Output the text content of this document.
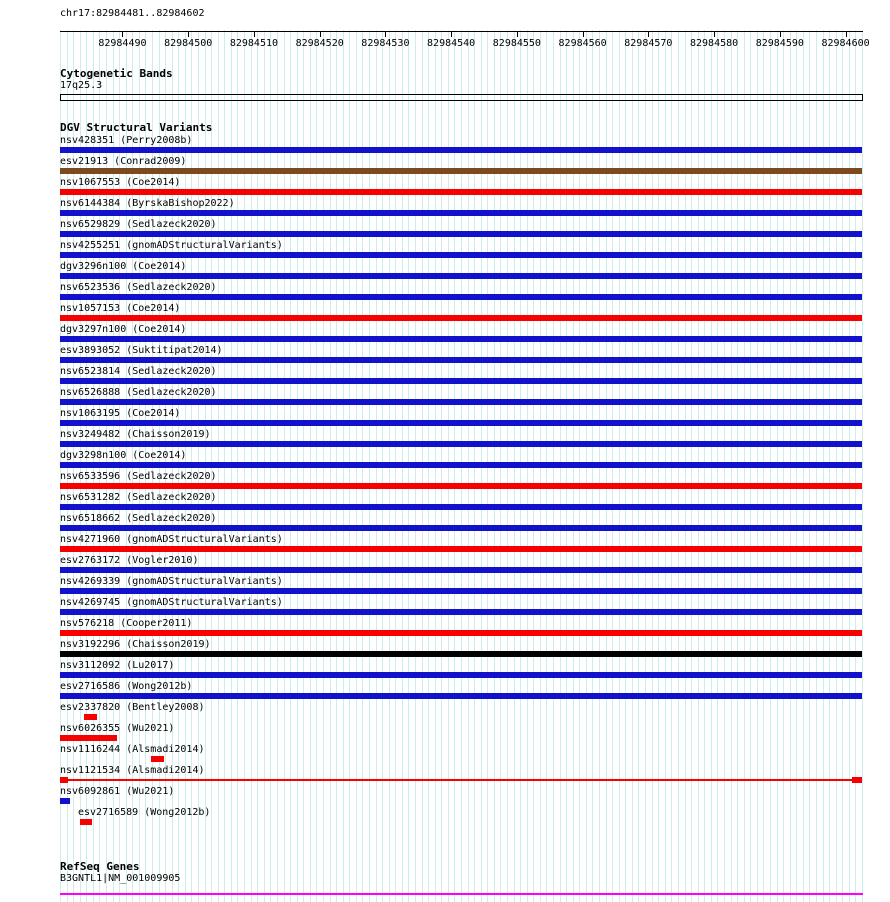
chr17:82984481..82984602
82984490 82984500 82984510 82984520 82984530 82984540 82984550 82984560 82984570 82984580 82984590 82984600
Cytogenetic Bands
17q25.3
DGV Structural Variants
nsv428351 (Perry2008b)
esv21913 (Conrad2009)
nsv1067553 (Coe2014)
nsv6144384 (ByrskaBishop2022)
nsv6529829 (Sedlazeck2020)
nsv4255251 (gnomADStructuralVariants)
dgv3296n100 (Coe2014)
nsv6523536 (Sedlazeck2020)
nsv1057153 (Coe2014)
dgv3297n100 (Coe2014)
esv3893052 (Suktitipat2014)
nsv6523814 (Sedlazeck2020)
nsv6526888 (Sedlazeck2020)
nsv1063195 (Coe2014)
nsv3249482 (Chaisson2019)
dgv3298n100 (Coe2014)
nsv6533596 (Sedlazeck2020)
nsv6531282 (Sedlazeck2020)
nsv6518662 (Sedlazeck2020)
nsv4271960 (gnomADStructuralVariants)
esv2763172 (Vogler2010)
nsv4269339 (gnomADStructuralVariants)
nsv4269745 (gnomADStructuralVariants)
nsv576218 (Cooper2011)
nsv3192296 (Chaisson2019)
nsv3112092 (Lu2017)
esv2716586 (Wong2012b)
esv2337820 (Bentley2008)
nsv6026355 (Wu2021)
nsv1116244 (Alsmadi2014)
nsv1121534 (Alsmadi2014)
nsv6092861 (Wu2021)
esv2716589 (Wong2012b)
RefSeq Genes
B3GNTL1|NM_001009905
